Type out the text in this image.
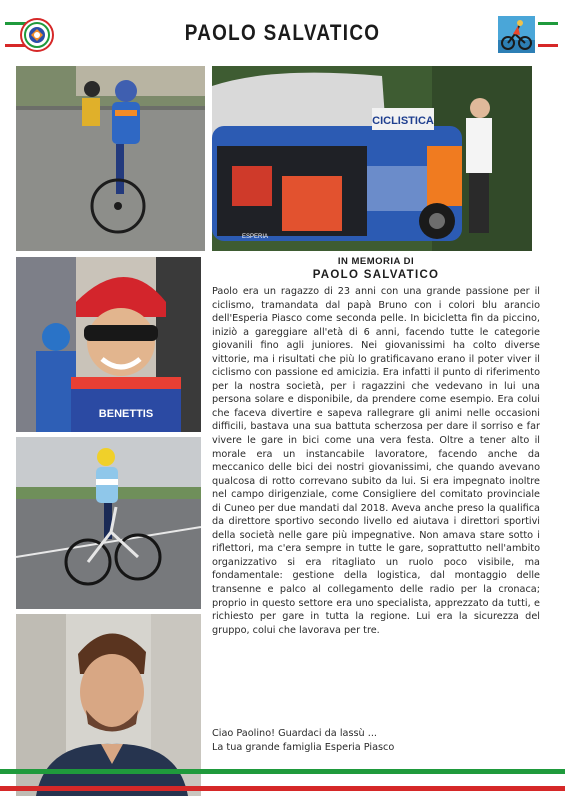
PAOLO SALVATICO
CICLISTICA
ESPERIA
BENETTIS
IN MEMORIA DI
PAOLO SALVATICO

Paolo era un ragazzo di 23 anni con una grande passione per il ciclismo, tramandata dal papà Bruno con i colori blu arancio dell'Esperia Piasco come seconda pelle. In bicicletta fin da piccino, iniziò a gareggiare all'età di 6 anni, facendo tutte le categorie giovanili fino agli juniores. Nei giovanissimi ha colto diverse vittorie, ma i risultati che più lo gratificavano erano il poter viver il ciclismo con passione ed amicizia. Era infatti il punto di riferimento per la nostra società, per i ragazzini che vedevano in lui una persona solare e disponibile, da prendere come esempio. Era colui che faceva divertire e sapeva rallegrare gli animi nelle occasioni difficili, bastava una sua battuta scherzosa per dare il sorriso e far vivere le gare in bici come una vera festa. Oltre a tener alto il morale era un instancabile lavoratore, facendo anche da meccanico delle bici dei nostri giovanissimi, che quando avevano qualcosa di rotto correvano subito da lui. Si era impegnato inoltre nel campo dirigenziale, come Consigliere del comitato provinciale di Cuneo per due mandati dal 2018. Aveva anche preso la qualifica da direttore sportivo secondo livello ed aiutava i direttori sportivi della società nelle gare più impegnative. Non amava stare sotto i riflettori, ma c'era sempre in tutte le gare, soprattutto nell'ambito organizzativo si era ritagliato un ruolo poco visibile, ma fondamentale: gestione della logistica, dal montaggio delle transenne e palco al collegamento delle radio per la cronaca; proprio in questo settore era uno specialista, apprezzato da tutti, e richiesto per gare in tutta la regione. Lui era la sicurezza del gruppo, colui che lavorava per tre.

Ciao Paolino! Guardaci da lassù ...
La tua grande famiglia Esperia Piasco
